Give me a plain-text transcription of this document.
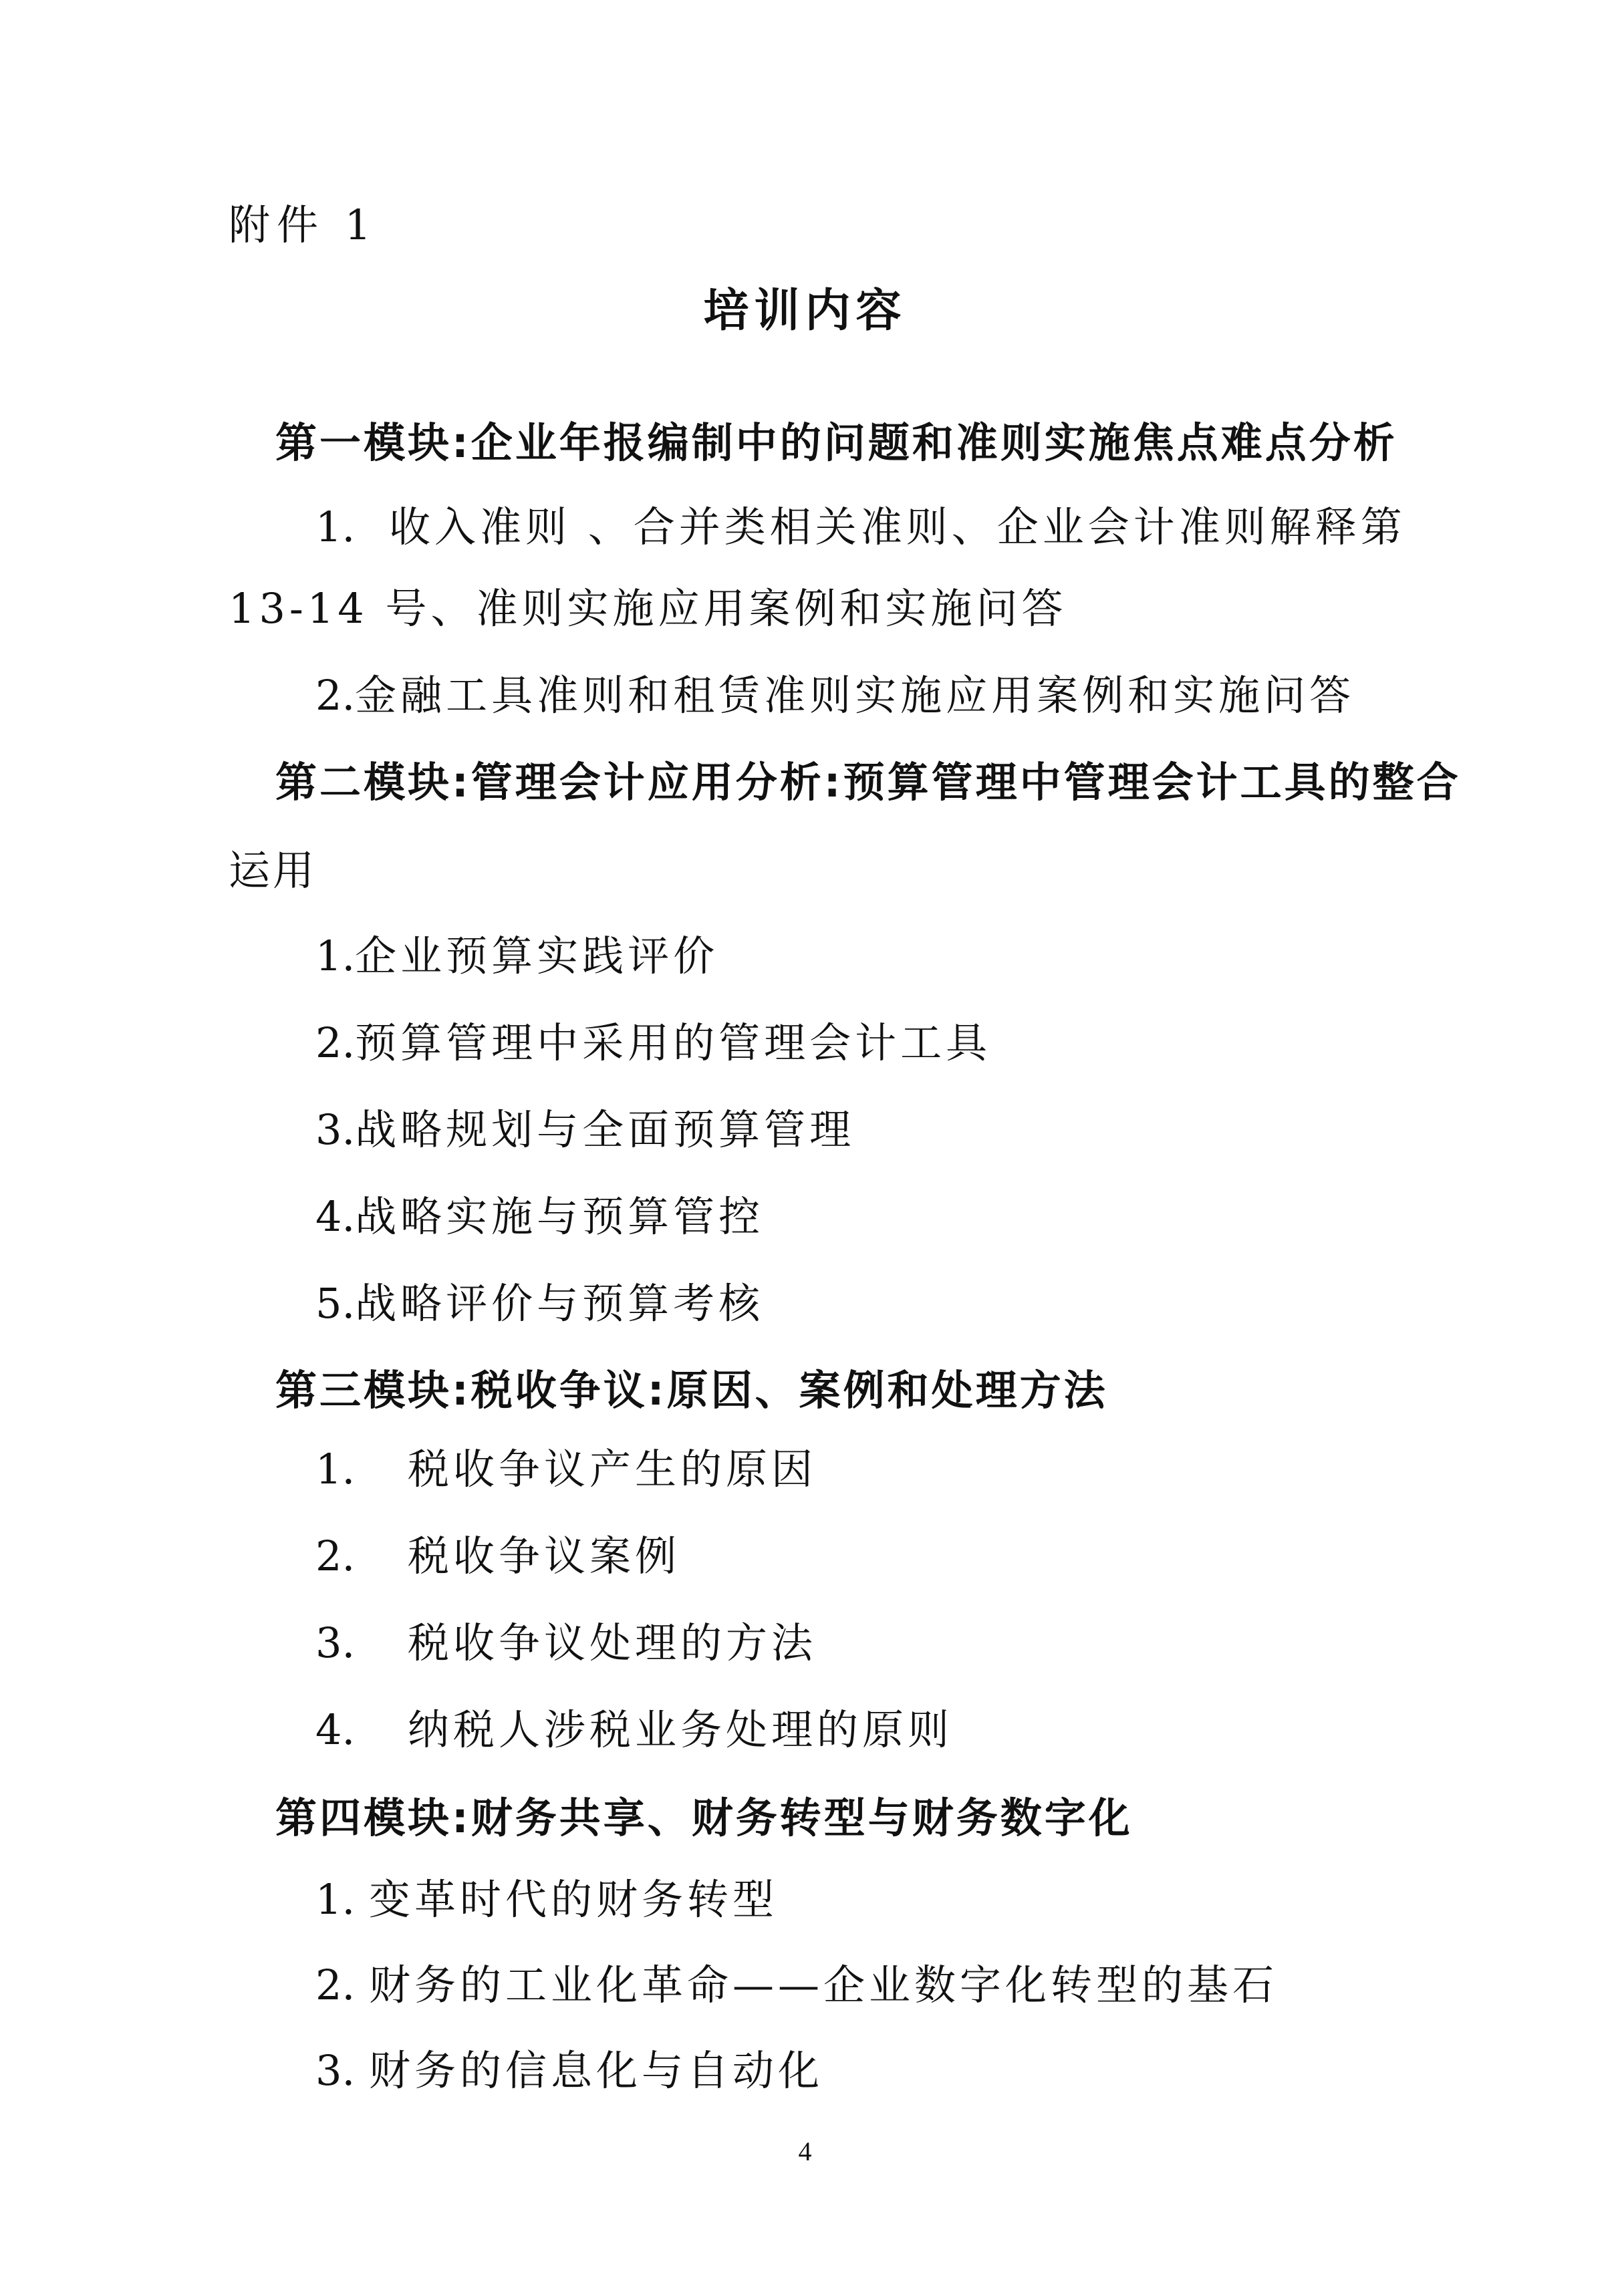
附件 1
培训内容
第一模块:企业年报编制中的问题和准则实施焦点难点分析
1. 收入准则 、合并类相关准则、企业会计准则解释第
13-14 号、准则实施应用案例和实施问答
2.金融工具准则和租赁准则实施应用案例和实施问答
第二模块:管理会计应用分析:预算管理中管理会计工具的整合
运用
1.企业预算实践评价
2.预算管理中采用的管理会计工具
3.战略规划与全面预算管理
4.战略实施与预算管控
5.战略评价与预算考核
第三模块:税收争议:原因、案例和处理方法
1. 税收争议产生的原因
2. 税收争议案例
3. 税收争议处理的方法
4. 纳税人涉税业务处理的原则
第四模块:财务共享、财务转型与财务数字化
1. 变革时代的财务转型
2. 财务的工业化革命——企业数字化转型的基石
3. 财务的信息化与自动化
4
